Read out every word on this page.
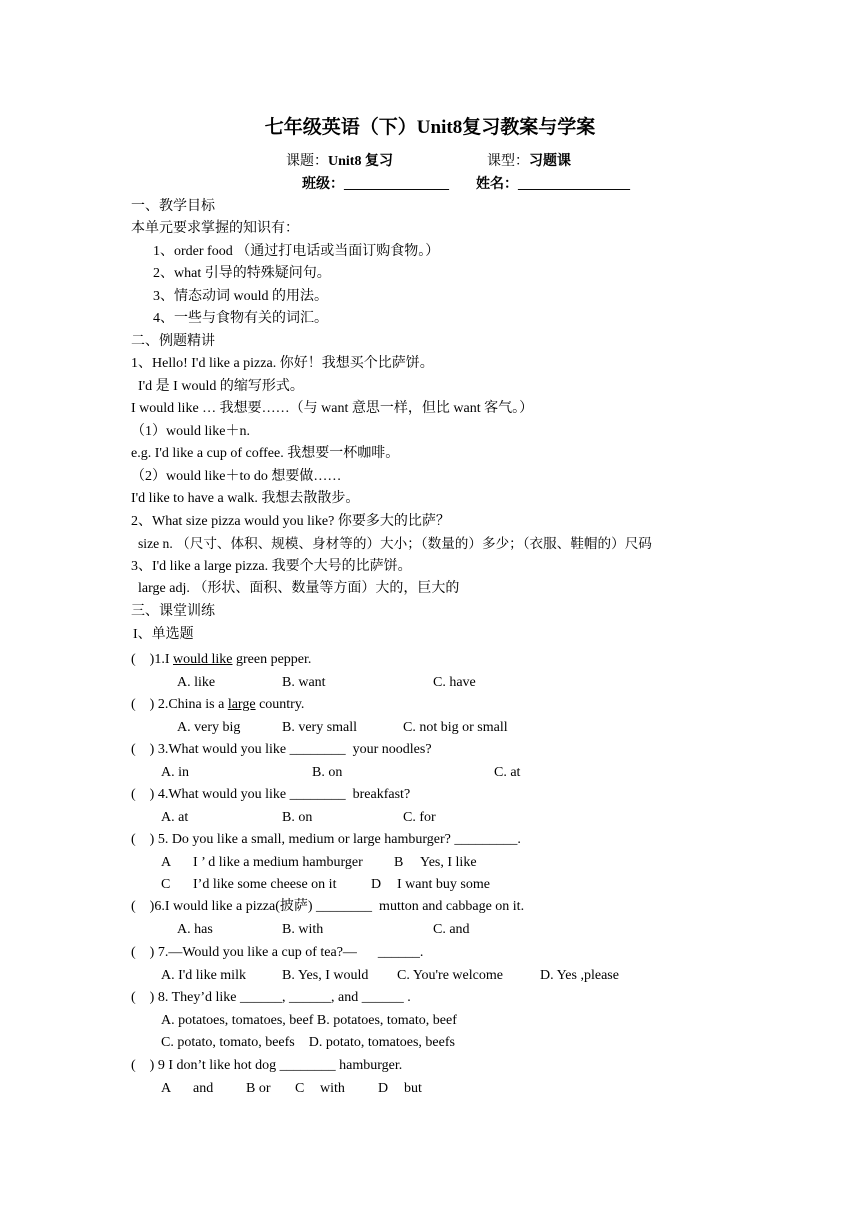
七年级英语（下）Unit8复习教案与学案
课题：Unit8 复习	课型：习题课
班级：_______________ 姓名：________________
一、教学目标
本单元要求掌握的知识有：
1、order food （通过打电话或当面订购食物。）
2、what 引导的特殊疑问句。
3、情态动词 would 的用法。
4、一些与食物有关的词汇。
二、例题精讲
1、Hello! I'd like a pizza. 你好！我想买个比萨饼。
I'd 是 I would 的缩写形式。
I would like … 我想要……（与 want 意思一样，但比 want 客气。）
（1）would like＋n.
e.g. I'd like a cup of coffee. 我想要一杯咖啡。
（2）would like＋to do 想要做……
I'd like to have a walk. 我想去散散步。
2、What size pizza would you like? 你要多大的比萨？
size n. （尺寸、体积、规模、身材等的）大小；（数量的）多少；（衣服、鞋帽的）尺码
3、I'd like a large pizza. 我要个大号的比萨饼。
large adj. （形状、面积、数量等方面）大的，巨大的
三、课堂训练
I、单选题
(    )1.I would like green pepper.
A. like	B. want	C. have
(    ) 2.China is a large country.
A. very big	B. very small	C. not big or small
(    ) 3.What would you like ________  your noodles?
A. in	B. on	C. at
(    ) 4.What would you like ________  breakfast?
A. at	B. on	C. for
(    ) 5. Do you like a small, medium or large hamburger? _________.
A I ’ d like a medium hamburger B Yes, I like
C I’d like some cheese on it D I want buy some
(    )6.I would like a pizza(披萨) ________  mutton and cabbage on it.
A. has	B. with	C. and
(    ) 7.—Would you like a cup of tea?—      ______.
A. I'd like milk	B. Yes, I would C. You're welcome	D. Yes ,please
(    ) 8. They’d like ______, ______, and ______ .
A. potatoes, tomatoes, beef B. potatoes, tomato, beef
C. potato, tomato, beefs    D. potato, tomatoes, beefs
(    ) 9 I don’t like hot dog ________ hamburger.
A and B or C with D but
